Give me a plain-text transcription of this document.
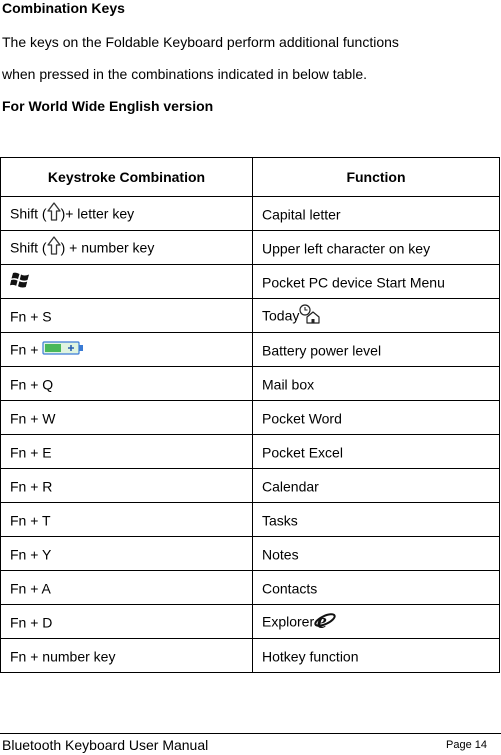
Combination Keys
The keys on the Foldable Keyboard perform additional functions
when pressed in the combinations indicated in below table.
For World Wide English version
Keystroke Combination	Function
Shift ( )+ letter key	Capital letter
Shift ( ) + number key	Upper left character on key
	Pocket PC device Start Menu
Fn + S	Today
Fn +	Battery power level
Fn + Q	Mail box
Fn + W	Pocket Word
Fn + E	Pocket Excel
Fn + R	Calendar
Fn + T	Tasks
Fn + Y	Notes
Fn + A	Contacts
Fn + D	Explorer e

Fn + number key	Hotkey function
Bluetooth Keyboard User Manual	Page 14
